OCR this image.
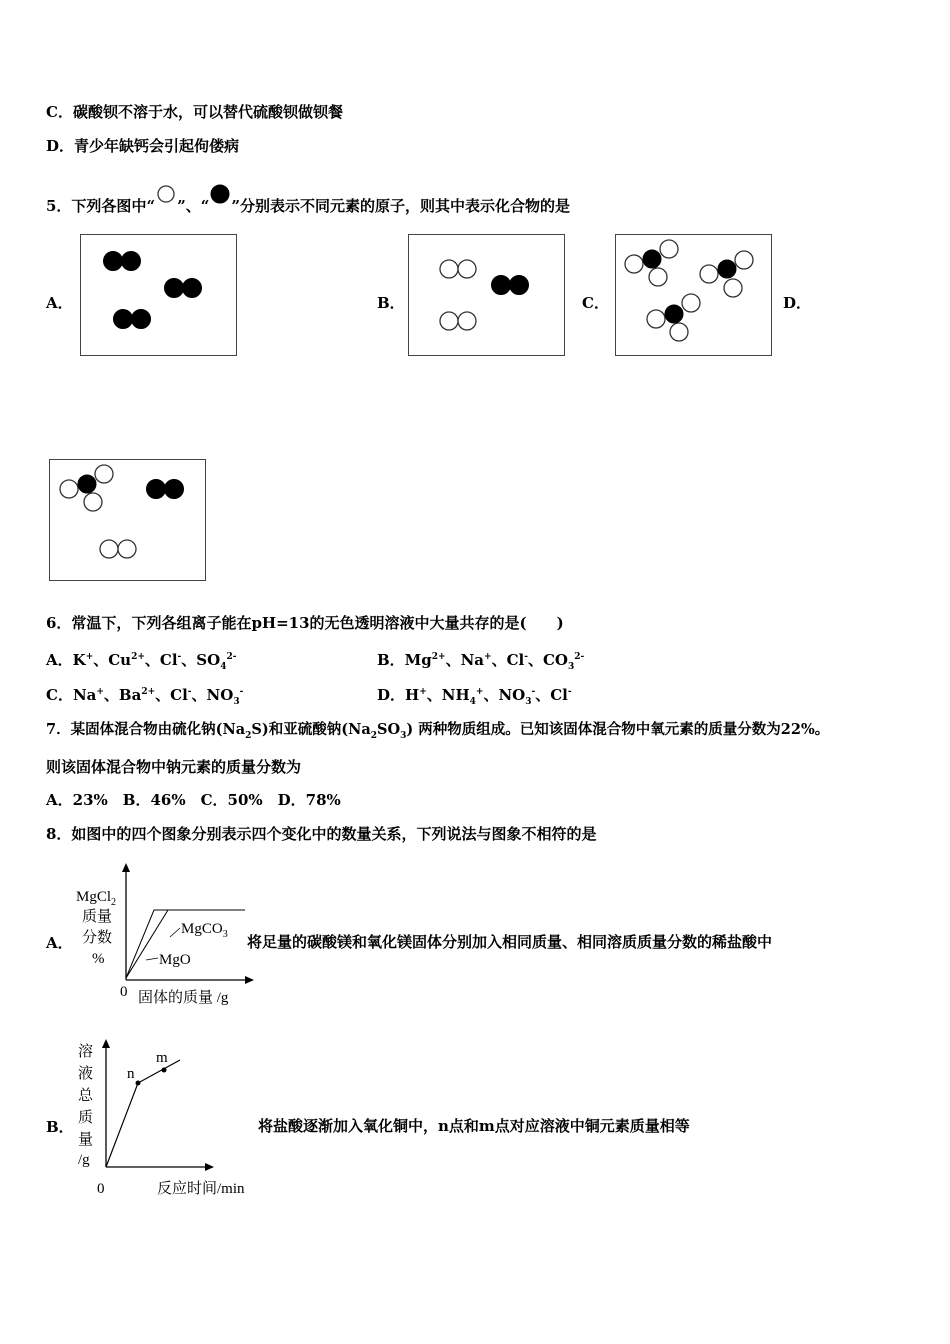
C．碳酸钡不溶于水，可以替代硫酸钡做钡餐
D．青少年缺钙会引起佝偻病
5．下列各图中“ ”、“ ”分别表示不同元素的原子，则其中表示化合物的是
A．	B．	C．	D．
6．常温下，下列各组离子能在pH=13的无色透明溶液中大量共存的是(　　)
A．K+、$Cu^{2+}$、Cl-、$SO_4^{2-}$	B．$Mg^{2+}$、Na+、Cl-、$CO_3^{2-}$
C．Na+、$Ba^{2+}$、Cl-、$NO_3^-$	D．H+、$NH_4^+$、$NO_3^-$、Cl-
7．某固体混合物由硫化钠$(Na_2S)$和亚硫酸钠$(Na_2SO_3)$ 两种物质组成。已知该固体混合物中氧元素的质量分数为22%。
则该固体混合物中钠元素的质量分数为
A．23%　B．46%　C．50%　D．78%
8．如图中的四个图象分别表示四个变化中的数量关系，下列说法与图象不相符的是
A．
MgCl$_2$
质量
分数
%
MgCO$_3$
MgO
0 固体的质量 /g
将足量的碳酸镁和氧化镁固体分别加入相同质量、相同溶质质量分数的稀盐酸中
B．
n
m
溶
液
总
质
量
/g
0	反应时间/min
将盐酸逐渐加入氧化铜中，n点和m点对应溶液中铜元素质量相等
